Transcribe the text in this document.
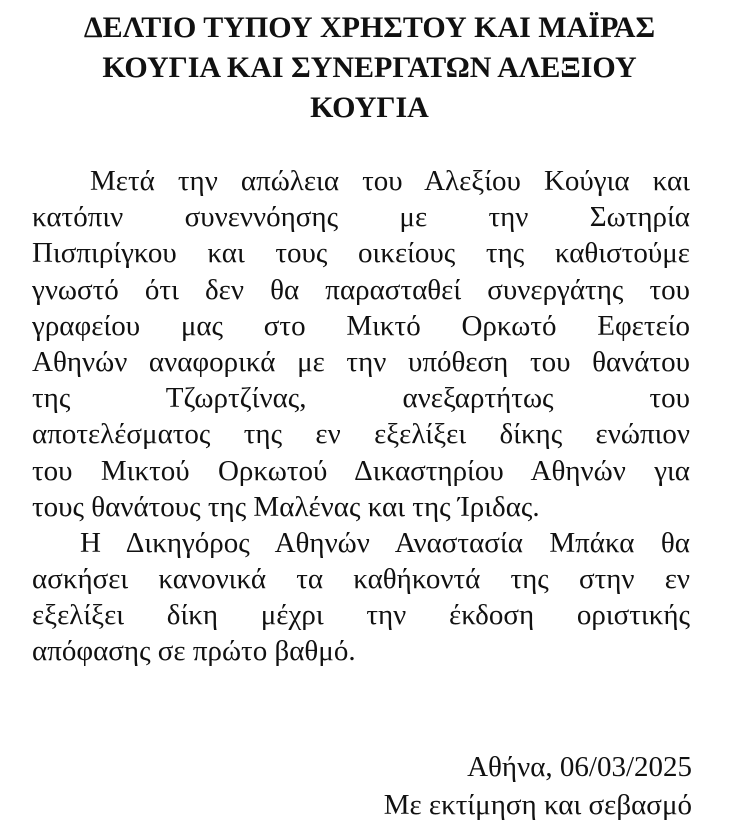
ΔΕΛΤΙΟ ΤΥΠΟΥ ΧΡΗΣΤΟΥ ΚΑΙ ΜΑΪΡΑΣ
ΚΟΥΓΙΑ ΚΑΙ ΣΥΝΕΡΓΑΤΩΝ ΑΛΕΞΙΟΥ
ΚΟΥΓΙΑ
Μετά την απώλεια του Αλεξίου Κούγια και
κατόπιν συνεννόησης με την Σωτηρία
Πισπιρίγκου και τους οικείους της καθιστούμε
γνωστό ότι δεν θα παρασταθεί συνεργάτης του
γραφείου μας στο Μικτό Ορκωτό Εφετείο
Αθηνών αναφορικά με την υπόθεση του θανάτου
της Τζωρτζίνας, ανεξαρτήτως του
αποτελέσματος της εν εξελίξει δίκης ενώπιον
του Μικτού Ορκωτού Δικαστηρίου Αθηνών για
τους θανάτους της Μαλένας και της Ίριδας.
Η Δικηγόρος Αθηνών Αναστασία Μπάκα θα
ασκήσει κανονικά τα καθήκοντά της στην εν
εξελίξει δίκη μέχρι την έκδοση οριστικής
απόφασης σε πρώτο βαθμό.
Αθήνα, 06/03/2025
Με εκτίμηση και σεβασμό
